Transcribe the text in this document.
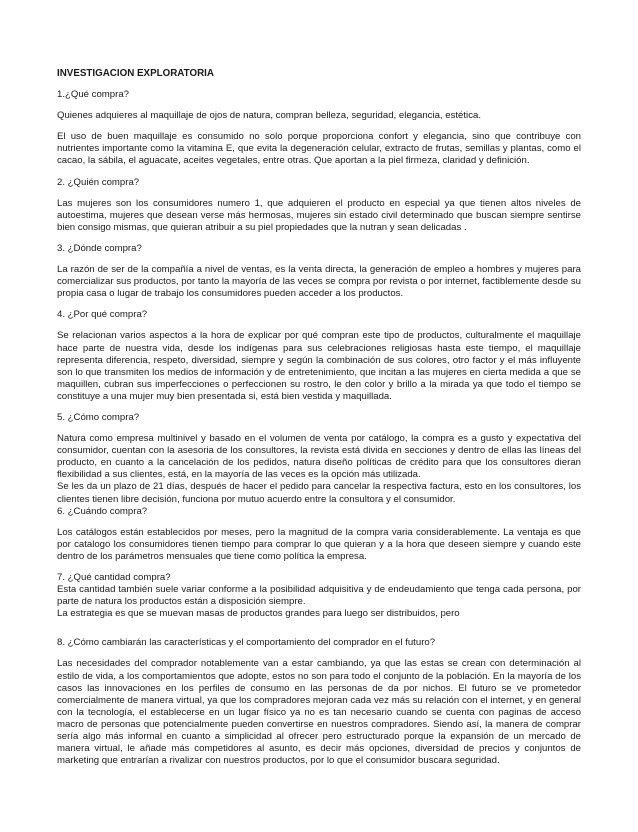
INVESTIGACION EXPLORATORIA
1.¿Qué compra?
Quienes adquieres al maquillaje de ojos de natura, compran belleza, seguridad, elegancia, estética.
El uso de buen maquillaje es consumido no solo porque proporciona confort y elegancia, sino que contribuye con nutrientes importante como la vitamina E, que evita la degeneración celular, extracto de frutas, semillas y plantas, como el cacao, la sábila, el aguacate, aceites vegetales, entre otras. Que aportan a la piel firmeza, claridad y definición.
2. ¿Quién compra?
Las mujeres son los consumidores numero 1, que adquieren el producto en especial ya que tienen altos niveles de autoestima, mujeres que desean verse más hermosas, mujeres sin estado civil determinado que buscan siempre sentirse bien consigo mismas, que quieran atribuir a su piel propiedades que la nutran y sean delicadas .
3. ¿Dónde compra?
La razón de ser de la compañía a nivel de ventas, es la venta directa, la generación de empleo a hombres y mujeres para comercializar sus productos, por tanto la mayoría de las veces se compra por revista o por internet, factiblemente desde su propia casa o lugar de trabajo los consumidores pueden acceder a los productos.
4. ¿Por qué compra?
Se relacionan varios aspectos a la hora de explicar por qué compran este tipo de productos, culturalmente el maquillaje hace parte de nuestra vida, desde los indígenas para sus celebraciones religiosas hasta este tiempo, el maquillaje representa diferencia, respeto, diversidad, siempre y según la combinación de sus colores, otro factor y el más influyente son lo que transmiten los medios de información y de entretenimiento, que incitan a las mujeres en cierta medida a que se maquillen, cubran sus imperfecciones o perfeccionen su rostro, le den color y brillo a la mirada ya que todo el tiempo se constituye a una mujer muy bien presentada si, está bien vestida y maquillada.
5. ¿Cómo compra?
Natura como empresa multinivel y basado en el volumen de venta por catálogo, la compra es a gusto y expectativa del consumidor, cuentan con la asesoria de los consultores, la revista está divida en secciones y dentro de ellas las líneas del producto, en cuanto a la cancelación de los pedidos, natura diseño políticas de crédito para que los consultores dieran flexibilidad a sus clientes, está, en la mayoría de las veces es la opción más utilizada.
Se les da un plazo de 21 días, después de hacer el pedido para cancelar la respectiva factura, esto en los consultores, los clientes tienen libre decisión, funciona por mutuo acuerdo entre la consultora y el consumidor.
6. ¿Cuándo compra?
Los catálogos están establecidos por meses, pero la magnitud de la compra varia considerablemente. La ventaja es que por catalogo los consumidores tienen tiempo para comprar lo que quieran y a la hora que deseen siempre y cuando este dentro de los parámetros mensuales que tiene como política la empresa.
7. ¿Qué cantidad compra?
Esta cantidad también suele variar conforme a la posibilidad adquisitiva y de endeudamiento que tenga cada persona, por parte de natura los productos están a disposición siempre.
La estrategia es que se muevan masas de productos grandes para luego ser distribuidos, pero
8. ¿Cómo cambiarán las características y el comportamiento del comprador en el futuro?
Las necesidades del comprador notablemente van a estar cambiando, ya que las estas se crean con determinación al estilo de vida, a los comportamientos que adopte, estos no son para todo el conjunto de la población. En la mayoría de los casos las innovaciones en los perfiles de consumo en las personas de da por nichos. El futuro se ve prometedor comercialmente de manera virtual, ya que los compradores mejoran cada vez más su relación con el internet, y en general con la tecnología, el establecerse en un lugar físico ya no es tan necesario cuando se cuenta con paginas de acceso macro de personas que potencialmente pueden convertirse en nuestros compradores. Siendo así, la manera de comprar sería algo más informal en cuanto a simplicidad al ofrecer pero estructurado porque la expansión de un mercado de manera virtual, le añade más competidores al asunto, es decir más opciones, diversidad de precios y conjuntos de marketing que entrarían a rivalizar con nuestros productos, por lo que el consumidor buscara seguridad.
